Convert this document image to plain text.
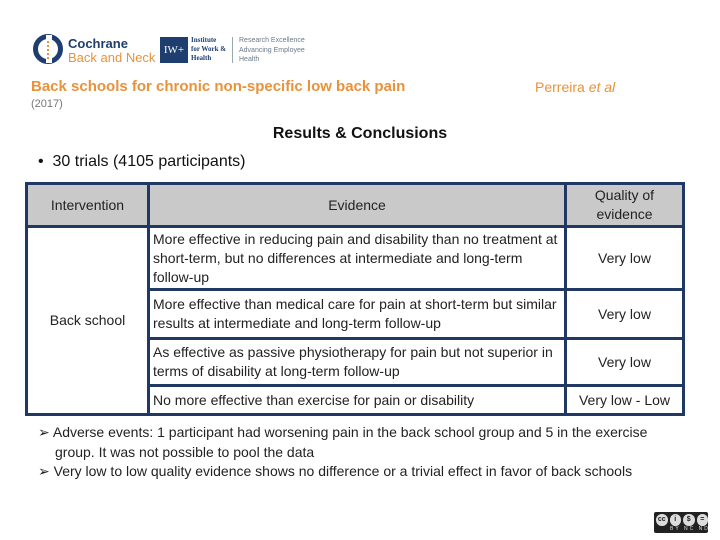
Cochrane
Back and Neck IW+
Institute
for Work &
Health
Research Excellence
Advancing Employee
Health
Back schools for chronic non-specific low back pain
(2017)
Perreira et al
Results & Conclusions
•  30 trials (4105 participants)
Intervention	Evidence	Quality of evidence
Back school	More effective in reducing pain and disability than no treatment at short-term, but no differences at intermediate and long-term follow-up	Very low
	More effective than medical care for pain at short-term but similar results at intermediate and long-term follow-up	Very low
	As effective as passive physiotherapy for pain but not superior in terms of disability at long-term follow-up	Very low
	No more effective than exercise for pain or disability	Very low - Low

➢ Adverse events: 1 participant had worsening pain in the back school group and 5 in the exercise group. It was not possible to pool the data

➢ Very low to low quality evidence shows no difference or a trivial effect in favor of back schools

cc	i	$	=
BY NC ND
